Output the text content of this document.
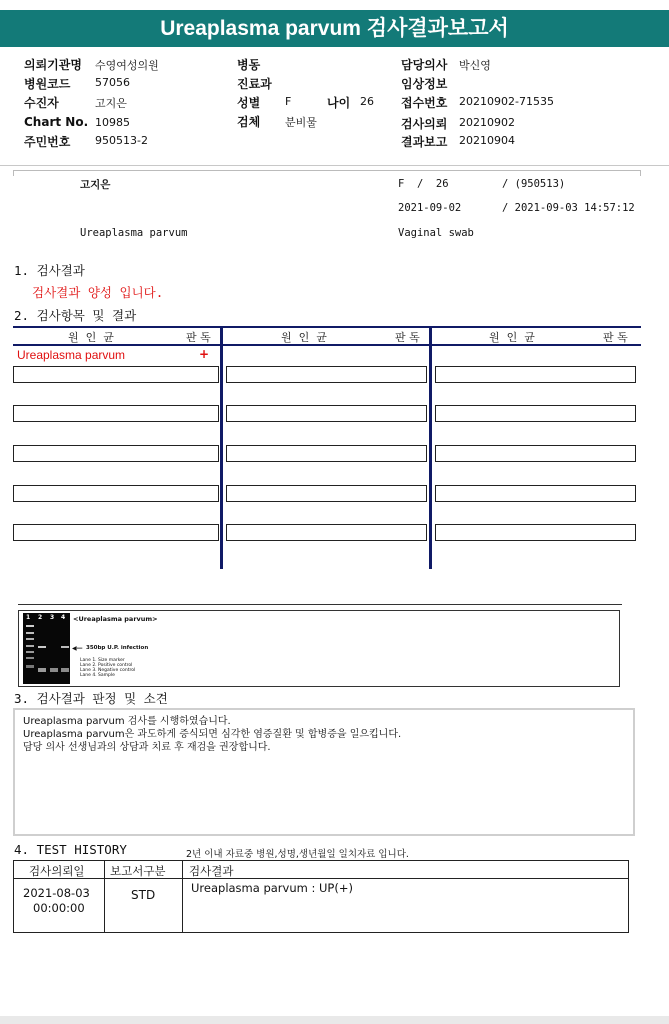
Ureaplasma parvum 검사결과보고서
의뢰기관명 수영여성의원
병원코드 57056
수진자	고지은
Chart No. 10985
주민번호 950513-2
병동
진료과
성별 F	나이 26
검체 분비물
담당의사 박신영
임상정보
접수번호 20210902-71535
검사의뢰 20210902
결과보고 20210904
고지은	F  /  26	/ (950513)
2021-09-02	/ 2021-09-03 14:57:12
Ureaplasma parvum	Vaginal swab
1. 검사결과
검사결과 양성 입니다.
2. 검사항목 및 결과
원  인  균	판 독	원  인  균	판 독	원  인  균	판 독
Ureaplasma parvum	+
1 2 3 4 <Ureaplasma parvum>
◀— 350bp U.P. infection
Lane 1. Size marker
Lane 2. Positive control
Lane 3. Negative control
Lane 4. Sample
3. 검사결과 판정 및 소견
Ureaplasma parvum 검사를 시행하였습니다.
Ureaplasma parvum은 과도하게 증식되면 심각한 염증질환 및 합병증을 일으킵니다.
담당 의사 선생님과의 상담과 치료 후 재검을 권장합니다.
4. TEST HISTORY	2년 이내 자료중 병원,성명,생년월일 일치자료 입니다.
검사의뢰일 보고서구분 검사결과
2021-08-03
00:00:00
STD	Ureaplasma parvum : UP(+)
